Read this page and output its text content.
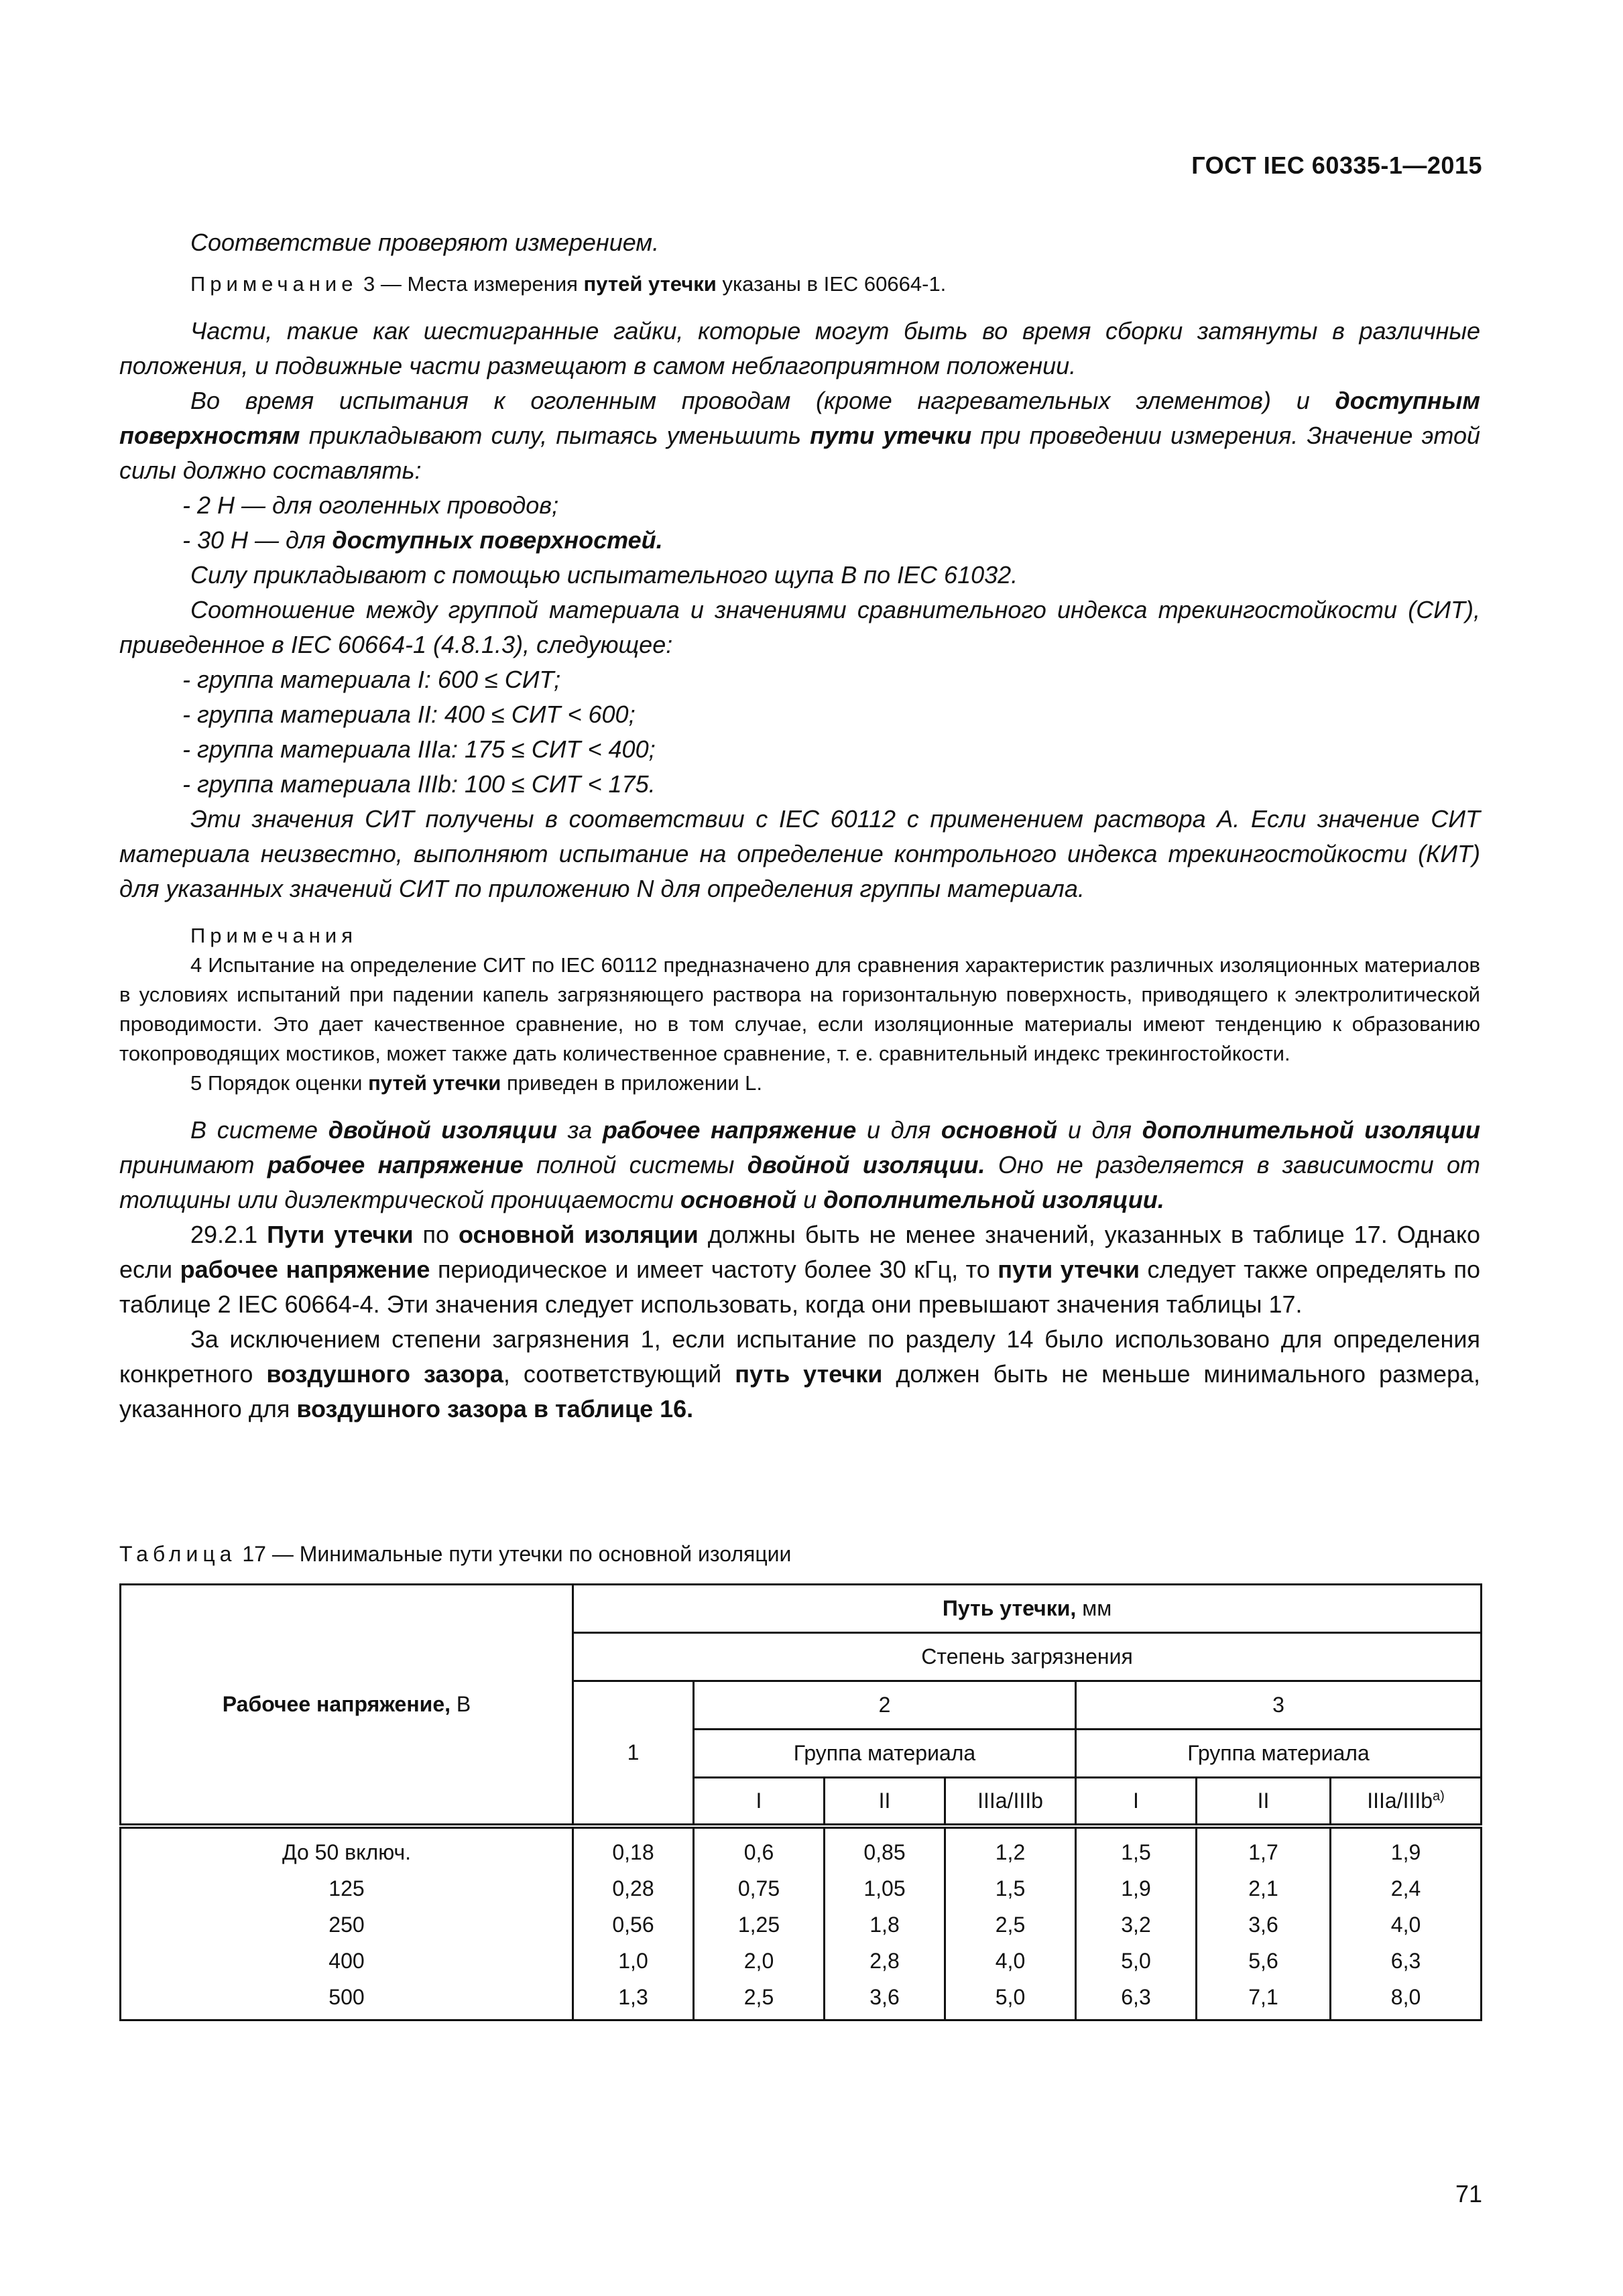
ГОСТ IEC 60335-1—2015

Соответствие проверяют измерением.

Примечание 3 — Места измерения путей утечки указаны в IEC 60664-1.

Части, такие как шестигранные гайки, которые могут быть во время сборки затянуты в различные положения, и подвижные части размещают в самом неблагоприятном положении.

Во время испытания к оголенным проводам (кроме нагревательных элементов) и доступным поверхностям прикладывают силу, пытаясь уменьшить пути утечки при проведении измерения. Значение этой силы должно составлять:

- 2 Н — для оголенных проводов;

- 30 Н — для доступных поверхностей.

Силу прикладывают с помощью испытательного щупа B по IEC 61032.

Соотношение между группой материала и значениями сравнительного индекса трекингостойкости (СИТ), приведенное в IEC 60664-1 (4.8.1.3), следующее:

- группа материала I: 600 ≤ СИТ;

- группа материала II: 400 ≤ СИТ < 600;

- группа материала IIIa: 175 ≤ СИТ < 400;

- группа материала IIIb: 100 ≤ СИТ < 175.

Эти значения СИТ получены в соответствии с IEC 60112 с применением раствора A. Если значение СИТ материала неизвестно, выполняют испытание на определение контрольного индекса трекингостойкости (КИТ) для указанных значений СИТ по приложению N для определения группы материала.

Примечания

4 Испытание на определение СИТ по IEC 60112 предназначено для сравнения характеристик различных изоляционных материалов в условиях испытаний при падении капель загрязняющего раствора на горизонтальную поверхность, приводящего к электролитической проводимости. Это дает качественное сравнение, но в том случае, если изоляционные материалы имеют тенденцию к образованию токопроводящих мостиков, может также дать количественное сравнение, т. е. сравнительный индекс трекингостойкости.

5 Порядок оценки путей утечки приведен в приложении L.

В системе двойной изоляции за рабочее напряжение и для основной и для дополнительной изоляции принимают рабочее напряжение полной системы двойной изоляции. Оно не разделяется в зависимости от толщины или диэлектрической проницаемости основной и дополнительной изоляции.

29.2.1 Пути утечки по основной изоляции должны быть не менее значений, указанных в таблице 17. Однако если рабочее напряжение периодическое и имеет частоту более 30 кГц, то пути утечки следует также определять по таблице 2 IEC 60664-4. Эти значения следует использовать, когда они превышают значения таблицы 17.

За исключением степени загрязнения 1, если испытание по разделу 14 было использовано для определения конкретного воздушного зазора, соответствующий путь утечки должен быть не меньше минимального размера, указанного для воздушного зазора в таблице 16.

Таблица 17 — Минимальные пути утечки по основной изоляции
Рабочее напряжение, В	Путь утечки, мм						
	Степень загрязнения						
	1	2			3		
		Группа материала			Группа материала		
		I	II	IIIa/IIIb	I	II	IIIa/IIIb$^{a)}$
До 50 включ.	0,18	0,6	0,85	1,2	1,5	1,7	1,9
125	0,28	0,75	1,05	1,5	1,9	2,1	2,4
250	0,56	1,25	1,8	2,5	3,2	3,6	4,0
400	1,0	2,0	2,8	4,0	5,0	5,6	6,3
500	1,3	2,5	3,6	5,0	6,3	7,1	8,0
71
